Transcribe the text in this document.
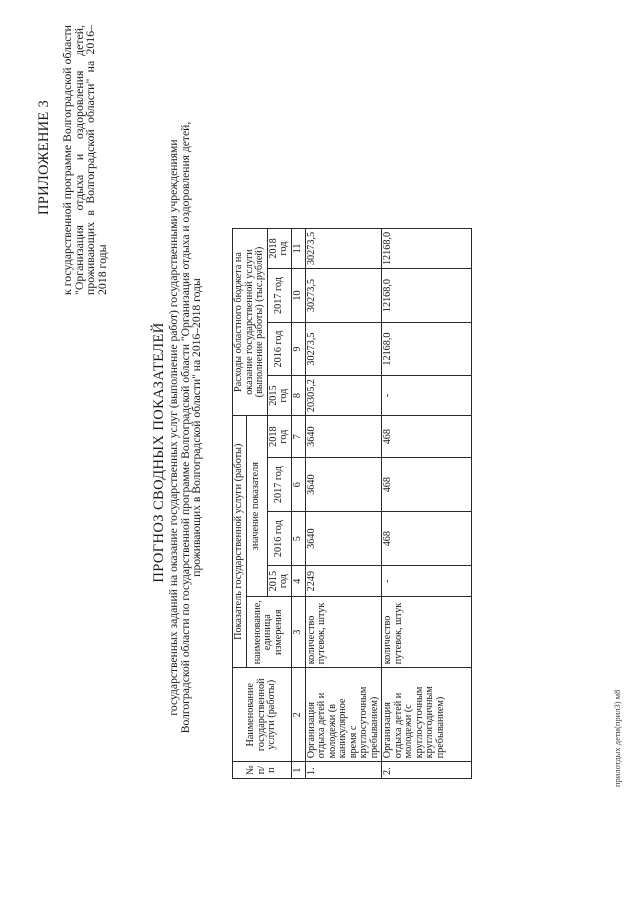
ПРИЛОЖЕНИЕ 3 к государственной программе Волгоградской области "Организация отдыха и оздоровления детей, проживающих в Волгоградской области" на 2016–2018 годы
ПРОГНОЗ СВОДНЫХ ПОКАЗАТЕЛЕЙ государственных заданий на оказание государственных услуг (выполнение работ) государственными учреждениями Волгоградской области по государственной программе Волгоградской области "Организация отдыха и оздоровления детей, проживающих в Волгоградской области" на 2016–2018 годы
№ п/п	Наименование государственной услуги (работы)	Показатель государственной услуги (работы)					Расходы областного бюджета на оказание государственной услуги (выполнение работы) (тыс.рублей)			
		наименование, единица измерения	значение показателя							
			2015 год	2016 год	2017 год	2018 год	2015 год	2016 год	2017 год	2018 год
1	2	3	4	5	6	7	8	9	10	11
1.	Организация отдыха детей и молодежи (в каникулярное время с круглосуточным пребыванием)	количество путевок, штук	2249	3640	3640	3640	20305,2	30273,5	30273,5	30273,5
2.	Организация отдыха детей и молодежи (с круглосуточным круглогодичным пребыванием)	количество путевок, штук	-	468	468	468	-	12168,0	12168,0	12168,0
прилотдых дети(прил3) м8
